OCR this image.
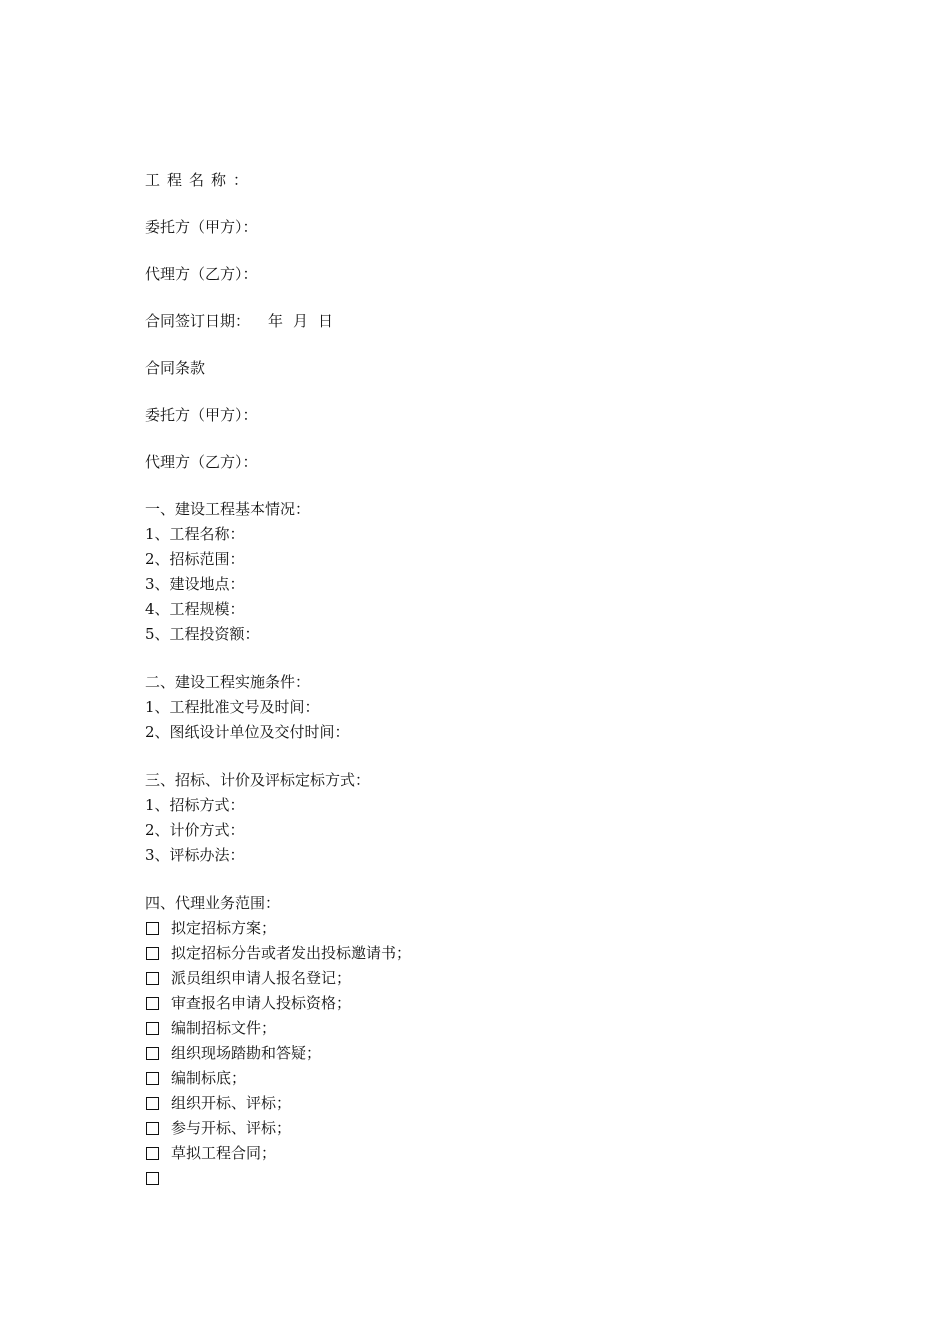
工程名称：
委托方（甲方）：
代理方（乙方）：
合同签订日期： 年 月 日
合同条款
委托方（甲方）：
代理方（乙方）：
一、建设工程基本情况：
1、工程名称：
2、招标范围：
3、建设地点：
4、工程规模：
5、工程投资额：
二、建设工程实施条件：
1、工程批准文号及时间：
2、图纸设计单位及交付时间：
三、招标、计价及评标定标方式：
1、招标方式：
2、计价方式：
3、评标办法：
四、代理业务范围：
拟定招标方案；
拟定招标分告或者发出投标邀请书；
派员组织申请人报名登记；
审查报名申请人投标资格；
编制招标文件；
组织现场踏勘和答疑；
编制标底；
组织开标、评标；
参与开标、评标；
草拟工程合同；
